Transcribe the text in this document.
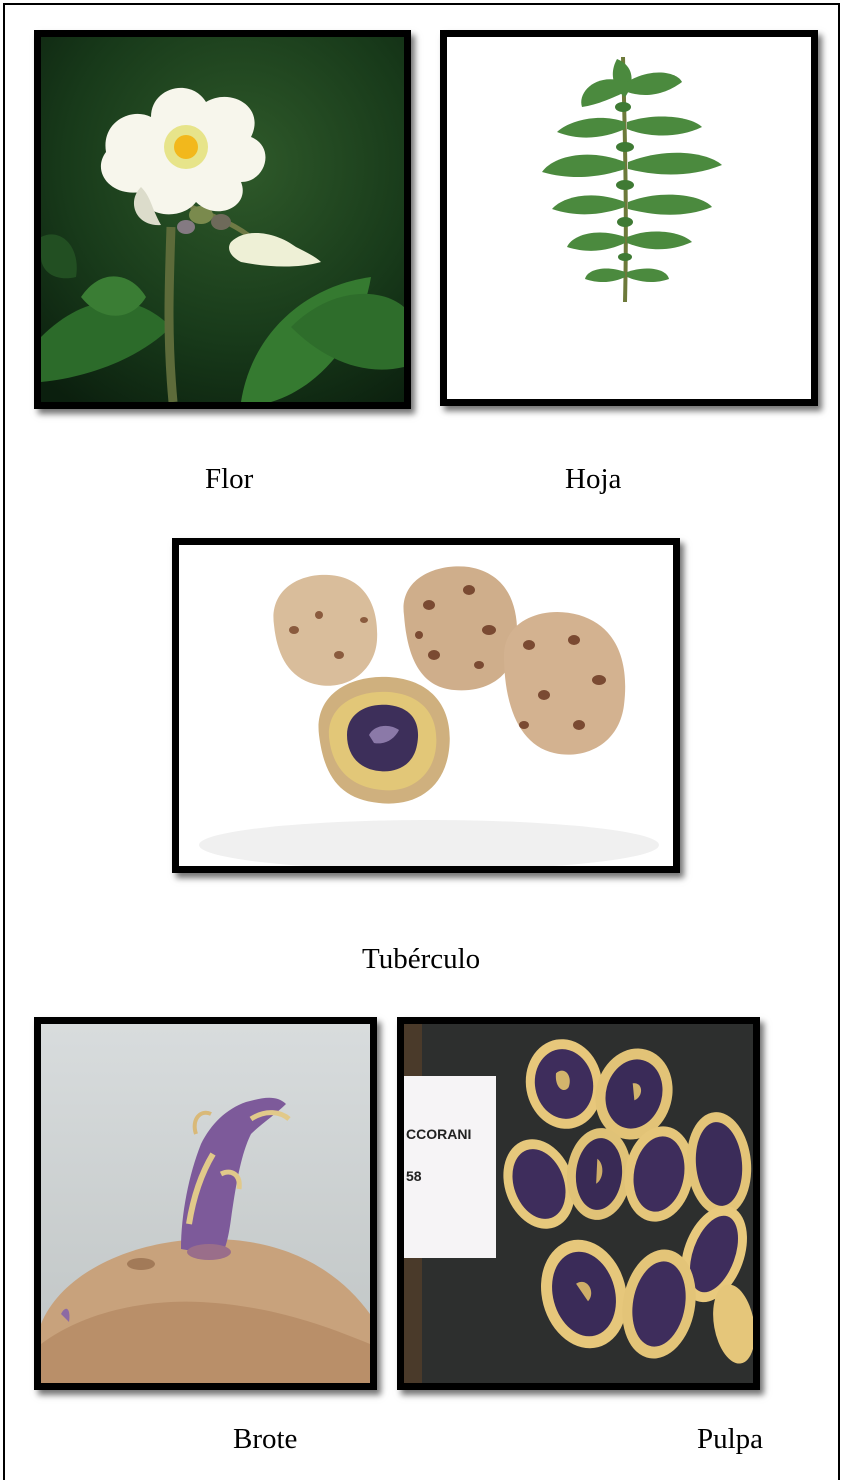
Flor	Hoja
Tubérculo
CCORANI
58
Brote	Pulpa
